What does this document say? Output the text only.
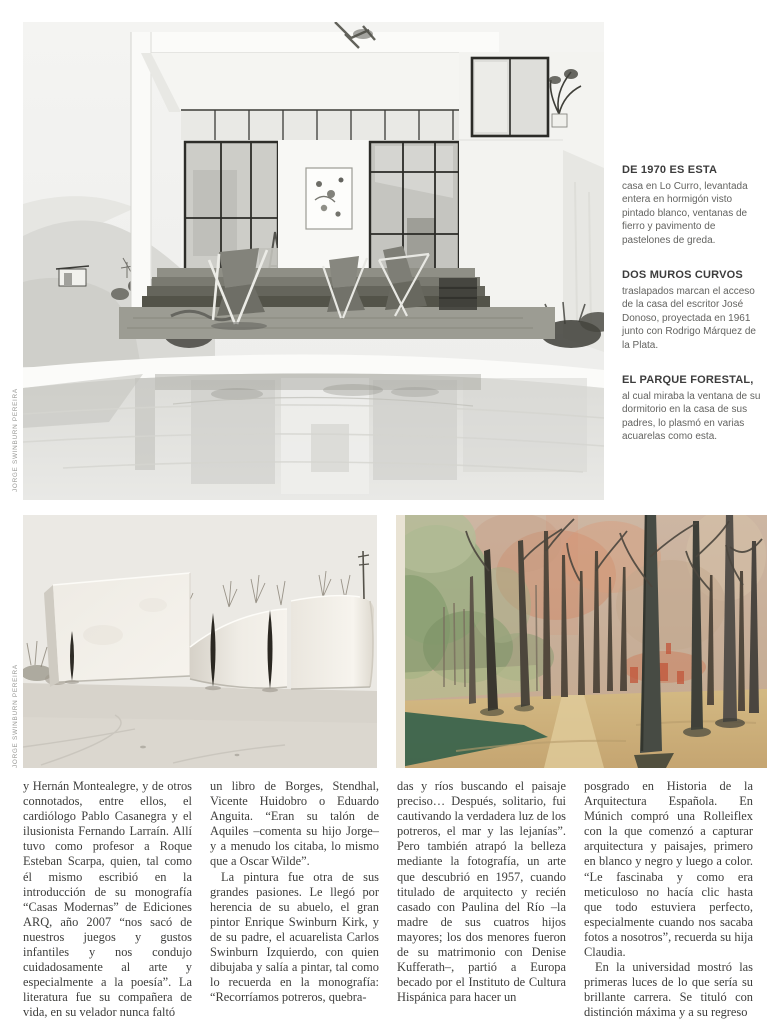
JORGE SWINBURN PEREIRA
JORGE SWINBURN PEREIRA
DE 1970 ES ESTA
casa en Lo Curro, levantada entera en hormigón visto pintado blanco, ventanas de fierro y pavimento de pastelones de greda.
DOS MUROS CURVOS
traslapados marcan el acceso de la casa del escritor José Donoso, proyectada en 1961 junto con Rodrigo Márquez de la Plata.
EL PARQUE FORESTAL,
al cual miraba la ventana de su dormitorio en la casa de sus padres, lo plasmó en varias acuarelas como esta.

y Hernán Montealegre, y de otros connotados, entre ellos, el cardiólogo Pablo Casanegra y el ilusionista Fernando Larraín. Allí tuvo como profesor a Roque Esteban Scarpa, quien, tal como él mismo escribió en la introducción de su monografía “Casas Modernas” de Ediciones ARQ, año 2007 “nos sacó de nuestros juegos y gustos infantiles y nos condujo cuidadosamente al arte y especialmente a la poesía”. La literatura fue su compañera de vida, en su velador nunca faltó

un libro de Borges, Stendhal, Vicente Huidobro o Eduardo Anguita. “Eran su talón de Aquiles –comenta su hijo Jorge– y a menudo los citaba, lo mismo que a Oscar Wilde”.

La pintura fue otra de sus grandes pasiones. Le llegó por herencia de su abuelo, el gran pintor Enrique Swinburn Kirk, y de su padre, el acuarelista Carlos Swinburn Izquierdo, con quien dibujaba y salía a pintar, tal como lo recuerda en la monografía: “Recorríamos potreros, quebra-

das y ríos buscando el paisaje preciso… Después, solitario, fui cautivando la verdadera luz de los potreros, el mar y las lejanías”. Pero también atrapó la belleza mediante la fotografía, un arte que descubrió en 1957, cuando titulado de arquitecto y recién casado con Paulina del Río –la madre de sus cuatros hijos mayores; los dos menores fueron de su matrimonio con Denise Kufferath–, partió a Europa becado por el Instituto de Cultura Hispánica para hacer un

posgrado en Historia de la Arquitectura Española. En Múnich compró una Rolleiflex con la que comenzó a capturar arquitectura y paisajes, primero en blanco y negro y luego a color. “Le fascinaba y como era meticuloso no hacía clic hasta que todo estuviera perfecto, especialmente cuando nos sacaba fotos a nosotros”, recuerda su hija Claudia.

En la universidad mostró las primeras luces de lo que sería su brillante carrera. Se tituló con distinción máxima y a su regreso
